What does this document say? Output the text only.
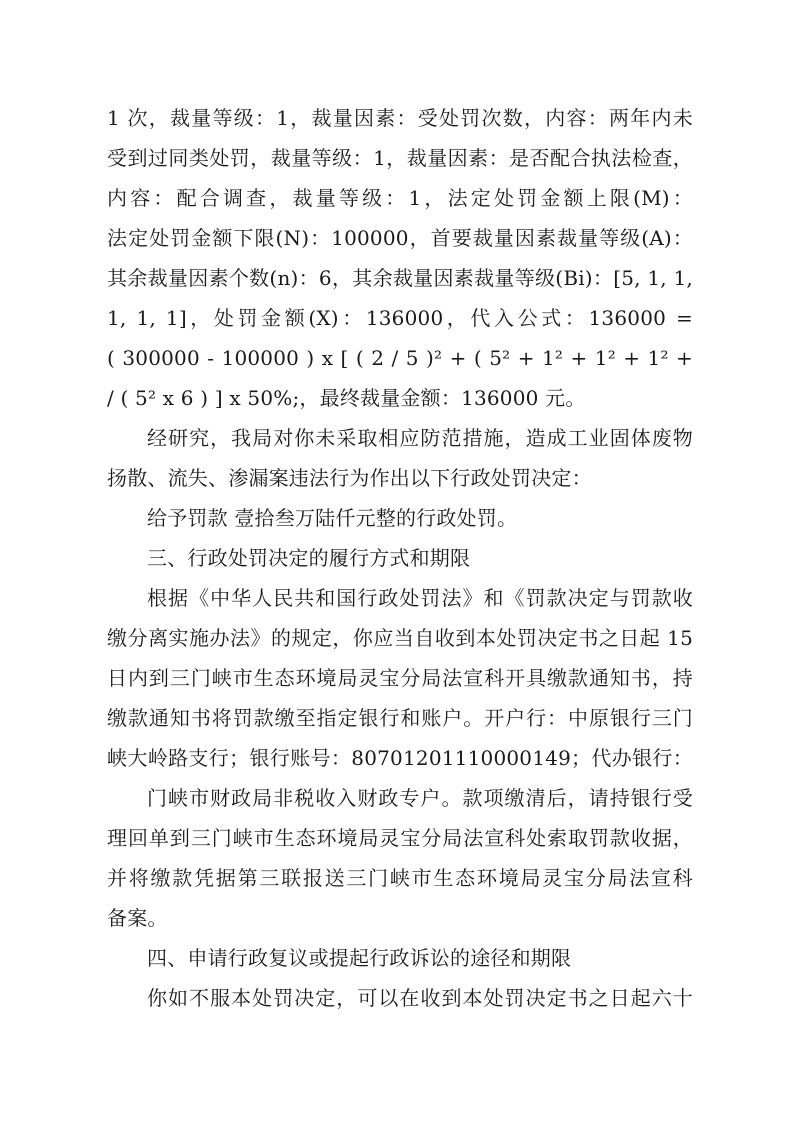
1 次，裁量等级：1，裁量因素：受处罚次数，内容：两年内未
受到过同类处罚，裁量等级：1，裁量因素：是否配合执法检查，
内容：配合调查，裁量等级：1，法定处罚金额上限(M)：
法定处罚金额下限(N)：100000，首要裁量因素裁量等级(A)：
其余裁量因素个数(n)：6，其余裁量因素裁量等级(Bi)：[5, 1, 1,
1, 1, 1]，处罚金额(X)：136000，代入公式：136000 =
( 300000 - 100000 ) x [ ( 2 / 5 )² + ( 5² + 1² + 1² + 1² +
/ ( 5² x 6 ) ] x 50%;，最终裁量金额：136000 元。
经研究，我局对你未采取相应防范措施，造成工业固体废物
扬散、流失、渗漏案违法行为作出以下行政处罚决定：
给予罚款 壹拾叁万陆仟元整的行政处罚。
三、行政处罚决定的履行方式和期限
根据《中华人民共和国行政处罚法》和《罚款决定与罚款收
缴分离实施办法》的规定，你应当自收到本处罚决定书之日起 15
日内到三门峡市生态环境局灵宝分局法宣科开具缴款通知书，持
缴款通知书将罚款缴至指定银行和账户。开户行：中原银行三门
峡大岭路支行；银行账号：80701201110000149；代办银行：
门峡市财政局非税收入财政专户。款项缴清后，请持银行受
理回单到三门峡市生态环境局灵宝分局法宣科处索取罚款收据，
并将缴款凭据第三联报送三门峡市生态环境局灵宝分局法宣科
备案。
四、申请行政复议或提起行政诉讼的途径和期限
你如不服本处罚决定，可以在收到本处罚决定书之日起六十
